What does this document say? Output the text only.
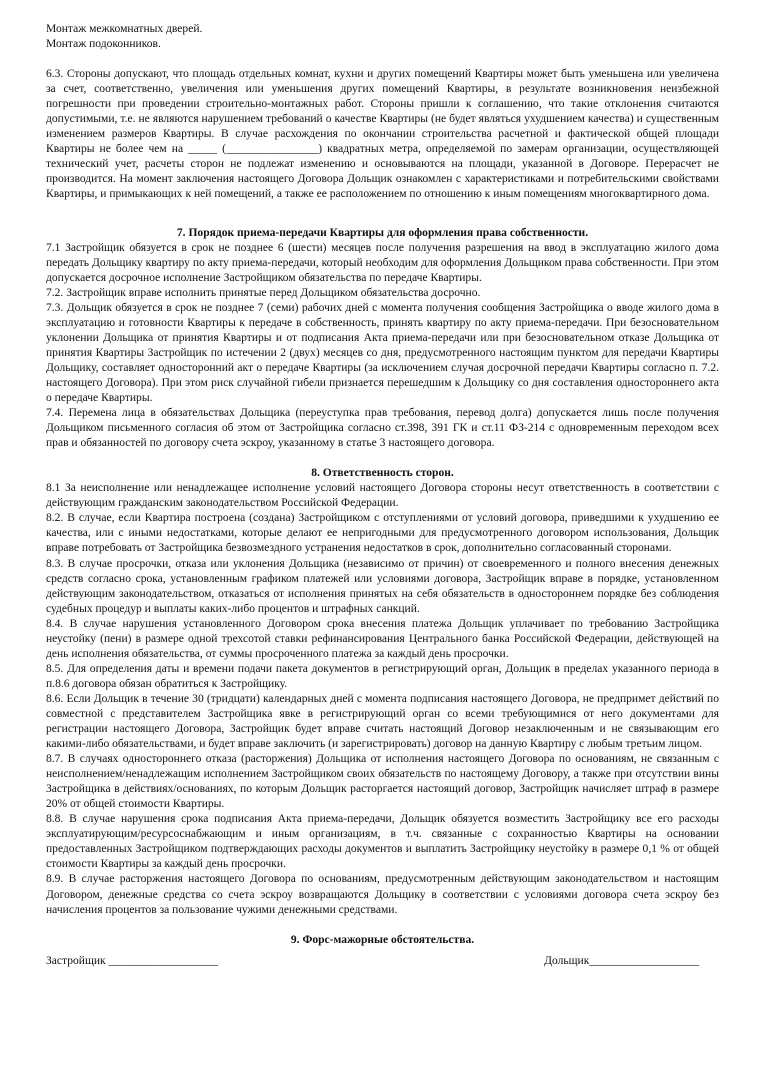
Монтаж межкомнатных дверей.

Монтаж подоконников.

6.3. Стороны допускают, что площадь отдельных комнат, кухни и других помещений Квартиры может быть уменьшена или увеличена за счет, соответственно, увеличения или уменьшения других помещений Квартиры, в результате возникновения неизбежной погрешности при проведении строительно-монтажных работ. Стороны пришли к соглашению, что такие отклонения считаются допустимыми, т.е. не являются нарушением требований о качестве Квартиры (не будет являться ухудшением качества) и существенным изменением размеров Квартиры. В случае расхождения по окончании строительства расчетной и фактической общей площади Квартиры не более чем на _____ (________________) квадратных метра, определяемой по замерам организации, осуществляющей технический учет, расчеты сторон не подлежат изменению и основываются на площади, указанной в Договоре. Перерасчет не производится. На момент заключения настоящего Договора Дольщик ознакомлен с характеристиками и потребительскими свойствами Квартиры, и примыкающих к ней помещений, а также ее расположением по отношению к иным помещениям многоквартирного дома.

7. Порядок приема-передачи Квартиры для оформления права собственности.

7.1 Застройщик обязуется в срок не позднее 6 (шести) месяцев после получения разрешения на ввод в эксплуатацию жилого дома передать Дольщику квартиру по акту приема-передачи, который необходим для оформления Дольщиком права собственности. При этом допускается досрочное исполнение Застройщиком обязательства по передаче Квартиры.

7.2. Застройщик вправе исполнить принятые перед Дольщиком обязательства досрочно.

7.3. Дольщик обязуется в срок не позднее 7 (семи) рабочих дней с момента получения сообщения Застройщика о вводе жилого дома в эксплуатацию и готовности Квартиры к передаче в собственность, принять квартиру по акту приема-передачи. При безосновательном уклонении Дольщика от принятия Квартиры и от подписания Акта приема-передачи или при безосновательном отказе Дольщика от принятия Квартиры Застройщик по истечении 2 (двух) месяцев со дня, предусмотренного настоящим пунктом для передачи Квартиры Дольщику, составляет односторонний акт о передаче Квартиры (за исключением случая досрочной передачи Квартиры согласно п. 7.2. настоящего Договора). При этом риск случайной гибели признается перешедшим к Дольщику со дня составления одностороннего акта о передаче Квартиры.

7.4. Перемена лица в обязательствах Дольщика (переуступка прав требования, перевод долга) допускается лишь после получения Дольщиком письменного согласия об этом от Застройщика согласно ст.398, 391 ГК и ст.11 ФЗ-214 с одновременным переходом всех прав и обязанностей по договору счета эскроу, указанному в статье 3 настоящего договора.

8. Ответственность сторон.

8.1 За неисполнение или ненадлежащее исполнение условий настоящего Договора стороны несут ответственность в соответствии с действующим гражданским законодательством Российской Федерации.

8.2. В случае, если Квартира построена (создана) Застройщиком с отступлениями от условий договора, приведшими к ухудшению ее качества, или с иными недостатками, которые делают ее непригодными для предусмотренного договором использования, Дольщик вправе потребовать от Застройщика безвозмездного устранения недостатков в срок, дополнительно согласованный сторонами.

8.3. В случае просрочки, отказа или уклонения Дольщика (независимо от причин) от своевременного и полного внесения денежных средств согласно срока, установленным графиком платежей или условиями договора, Застройщик вправе в порядке, установленном действующим законодательством, отказаться от исполнения принятых на себя обязательств в одностороннем порядке без соблюдения судебных процедур и выплаты каких-либо процентов и штрафных санкций.

8.4. В случае нарушения установленного Договором срока внесения платежа Дольщик уплачивает по требованию Застройщика неустойку (пени) в размере одной трехсотой ставки рефинансирования Центрального банка Российской Федерации, действующей на день исполнения обязательства, от суммы просроченного платежа за каждый день просрочки.

8.5. Для определения даты и времени подачи пакета документов в регистрирующий орган, Дольщик в пределах указанного периода в п.8.6 договора обязан обратиться к Застройщику.

8.6. Если Дольщик в течение 30 (тридцати) календарных дней с момента подписания настоящего Договора, не предпримет действий по совместной с представителем Застройщика явке в регистрирующий орган со всеми требующимися от него документами для регистрации настоящего Договора, Застройщик будет вправе считать настоящий Договор незаключенным и не связывающим его какими-либо обязательствами, и будет вправе заключить (и зарегистрировать) договор на данную Квартиру с любым третьим лицом.

8.7. В случаях одностороннего отказа (расторжения) Дольщика от исполнения настоящего Договора по основаниям, не связанным с неисполнением/ненадлежащим исполнением Застройщиком своих обязательств по настоящему Договору, а также при отсутствии вины Застройщика в действиях/основаниях, по которым Дольщик расторгается настоящий договор, Застройщик начисляет штраф в размере 20% от общей стоимости Квартиры.

8.8. В случае нарушения срока подписания Акта приема-передачи, Дольщик обязуется возместить Застройщику все его расходы эксплуатирующим/ресурсоснабжающим и иным организациям, в т.ч. связанные с сохранностью Квартиры на основании предоставленных Застройщиком подтверждающих расходы документов и выплатить Застройщику неустойку в размере 0,1 % от общей стоимости Квартиры за каждый день просрочки.

8.9. В случае расторжения настоящего Договора по основаниям, предусмотренным действующим законодательством и настоящим Договором, денежные средства со счета эскроу возвращаются Дольщику в соответствии с условиями договора счета эскроу без начисления процентов за пользование чужими денежными средствами.

9. Форс-мажорные обстоятельства.

Застройщик ___________________	Дольщик___________________
